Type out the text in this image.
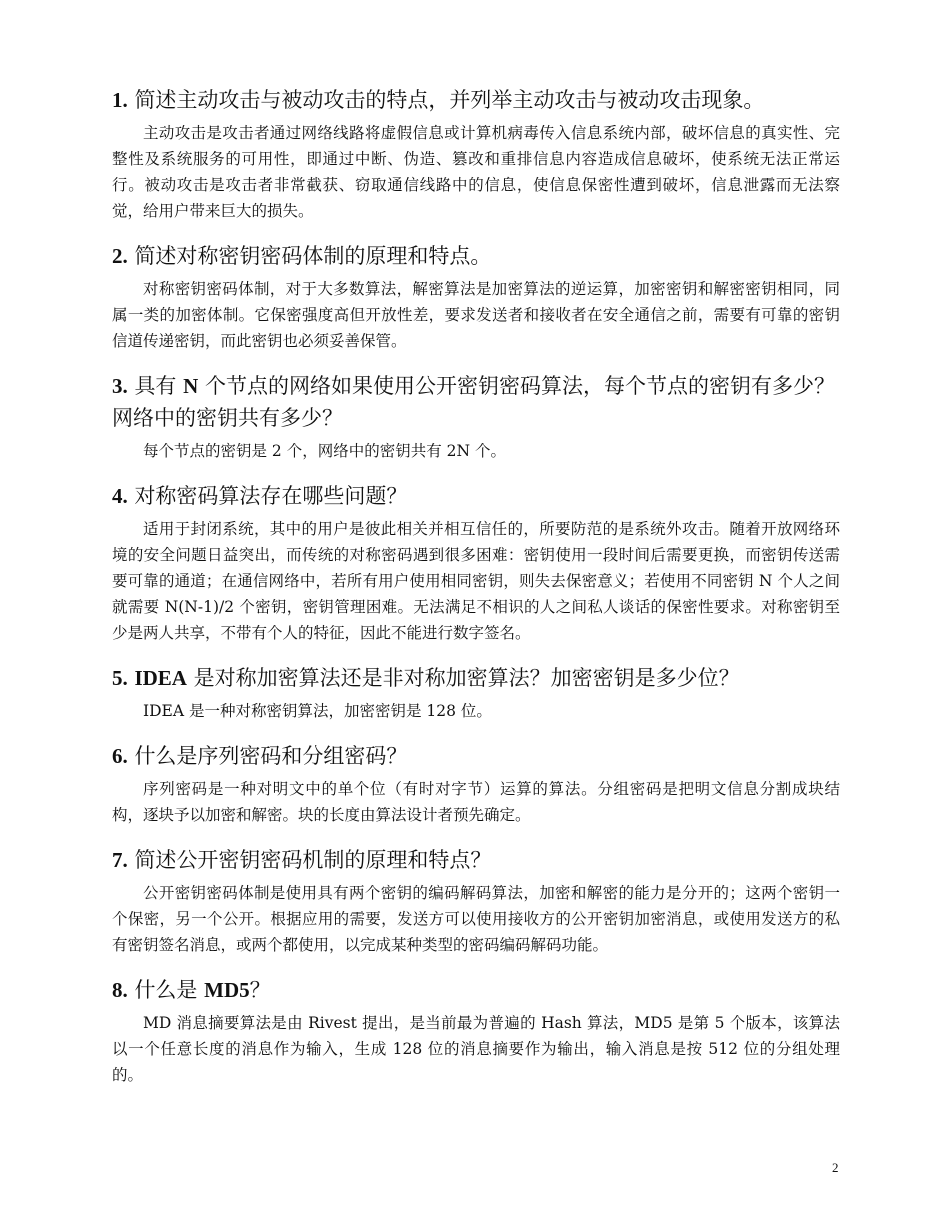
1. 简述主动攻击与被动攻击的特点，并列举主动攻击与被动攻击现象。

主动攻击是攻击者通过网络线路将虚假信息或计算机病毒传入信息系统内部，破坏信息的真实性、完整性及系统服务的可用性，即通过中断、伪造、篡改和重排信息内容造成信息破坏，使系统无法正常运行。被动攻击是攻击者非常截获、窃取通信线路中的信息，使信息保密性遭到破坏，信息泄露而无法察觉，给用户带来巨大的损失。

2. 简述对称密钥密码体制的原理和特点。

对称密钥密码体制，对于大多数算法，解密算法是加密算法的逆运算，加密密钥和解密密钥相同，同属一类的加密体制。它保密强度高但开放性差，要求发送者和接收者在安全通信之前，需要有可靠的密钥信道传递密钥，而此密钥也必须妥善保管。

3. 具有 N 个节点的网络如果使用公开密钥密码算法，每个节点的密钥有多少？网络中的密钥共有多少？

每个节点的密钥是 2 个，网络中的密钥共有 2N 个。

4. 对称密码算法存在哪些问题？

适用于封闭系统，其中的用户是彼此相关并相互信任的，所要防范的是系统外攻击。随着开放网络环境的安全问题日益突出，而传统的对称密码遇到很多困难：密钥使用一段时间后需要更换，而密钥传送需要可靠的通道；在通信网络中，若所有用户使用相同密钥，则失去保密意义；若使用不同密钥 N 个人之间就需要 N(N-1)/2 个密钥，密钥管理困难。无法满足不相识的人之间私人谈话的保密性要求。对称密钥至少是两人共享，不带有个人的特征，因此不能进行数字签名。

5. IDEA 是对称加密算法还是非对称加密算法？加密密钥是多少位？

IDEA 是一种对称密钥算法，加密密钥是 128 位。

6. 什么是序列密码和分组密码？

序列密码是一种对明文中的单个位（有时对字节）运算的算法。分组密码是把明文信息分割成块结构，逐块予以加密和解密。块的长度由算法设计者预先确定。

7. 简述公开密钥密码机制的原理和特点？

公开密钥密码体制是使用具有两个密钥的编码解码算法，加密和解密的能力是分开的；这两个密钥一个保密，另一个公开。根据应用的需要，发送方可以使用接收方的公开密钥加密消息，或使用发送方的私有密钥签名消息，或两个都使用，以完成某种类型的密码编码解码功能。

8. 什么是 MD5？

MD 消息摘要算法是由 Rivest 提出，是当前最为普遍的 Hash 算法，MD5 是第 5 个版本，该算法以一个任意长度的消息作为输入，生成 128 位的消息摘要作为输出，输入消息是按 512 位的分组处理的。

2
